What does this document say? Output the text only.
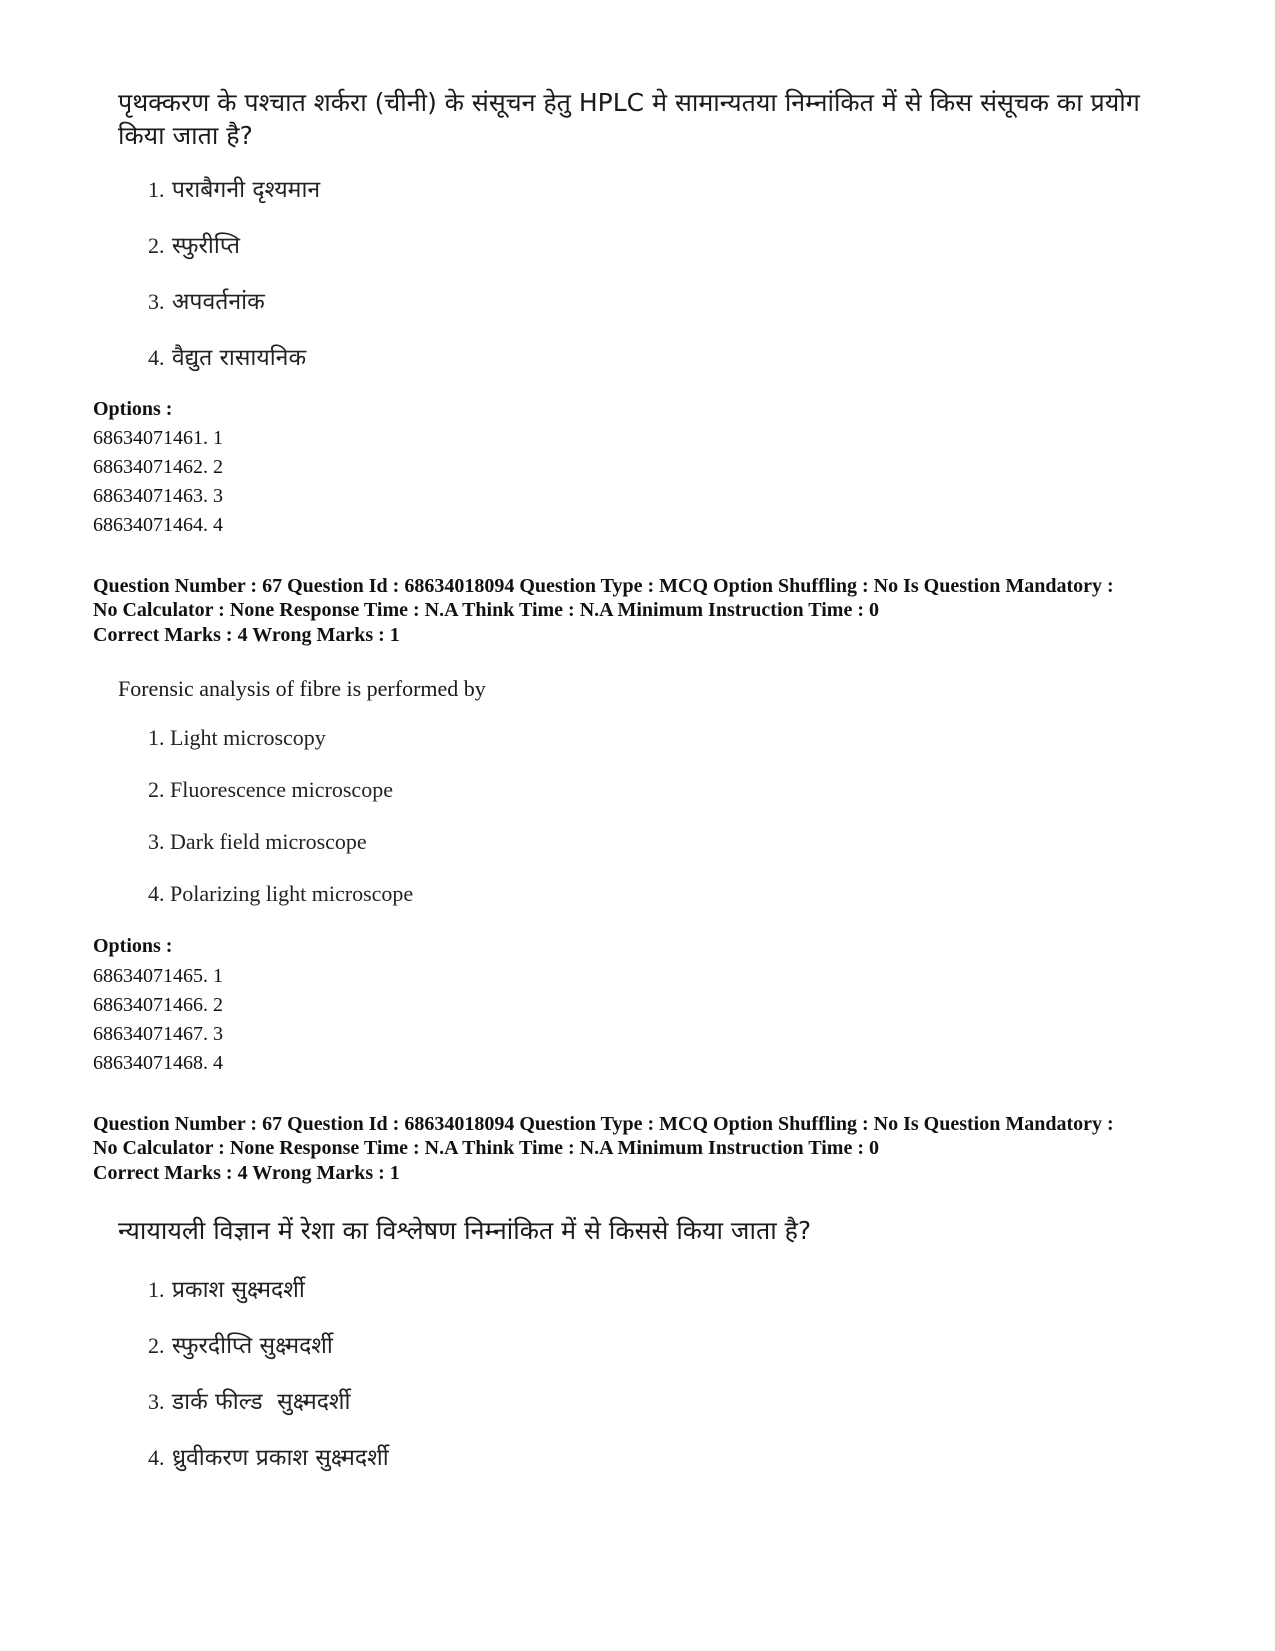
पृथक्करण के पश्चात शर्करा (चीनी) के संसूचन हेतु HPLC मे सामान्यतया निम्नांकित में से किस संसूचक का प्रयोग किया जाता है?
1. पराबैगनी दृश्यमान
2. स्फुरीप्ति
3. अपवर्तनांक
4. वैद्युत रासायनिक
Options :
68634071461. 1
68634071462. 2
68634071463. 3
68634071464. 4
Question Number : 67 Question Id : 68634018094 Question Type : MCQ Option Shuffling : No Is Question Mandatory :
No Calculator : None Response Time : N.A Think Time : N.A Minimum Instruction Time : 0
Correct Marks : 4 Wrong Marks : 1
Forensic analysis of fibre is performed by
1. Light microscopy
2. Fluorescence microscope
3. Dark field microscope
4. Polarizing light microscope
Options :
68634071465. 1
68634071466. 2
68634071467. 3
68634071468. 4
Question Number : 67 Question Id : 68634018094 Question Type : MCQ Option Shuffling : No Is Question Mandatory :
No Calculator : None Response Time : N.A Think Time : N.A Minimum Instruction Time : 0
Correct Marks : 4 Wrong Marks : 1
न्यायायली विज्ञान में रेशा का विश्लेषण निम्नांकित में से किससे किया जाता है?
1. प्रकाश सुक्ष्मदर्शी
2. स्फुरदीप्ति सुक्ष्मदर्शी
3. डार्क फील्ड  सुक्ष्मदर्शी
4. ध्रुवीकरण प्रकाश सुक्ष्मदर्शी
